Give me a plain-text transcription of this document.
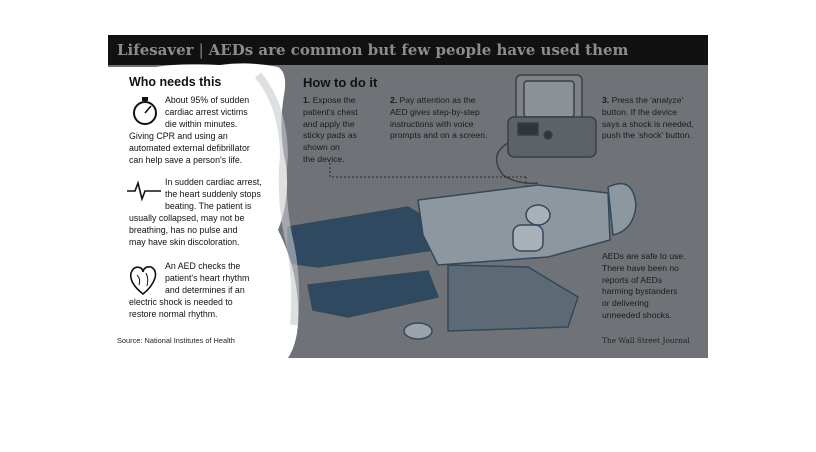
Lifesaver | AEDs are common but few people have used them
How to do it
1. Expose the
patient's chest
and apply the
sticky pads as
shown on
the device.
2. Pay attention as the
AED gives step-by-step
instructions with voice
prompts and on a screen.
3. Press the 'analyze'
button. If the device
says a shock is needed,
push the 'shock' button.
AEDs are safe to use.
There have been no
reports of AEDs
harming bystanders
or delivering
unneeded shocks.
Who needs this
About 95% of sudden
cardiac arrest victims
die within minutes.
Giving CPR and using an
automated external defibrillator
can help save a person's life.
In sudden cardiac arrest,
the heart suddenly stops
beating. The patient is
usually collapsed, may not be
breathing, has no pulse and
may have skin discoloration.
An AED checks the
patient's heart rhythm
and determines if an
electric shock is needed to
restore normal rhythm.
Source: National Institutes of Health	The Wall Street Journal
